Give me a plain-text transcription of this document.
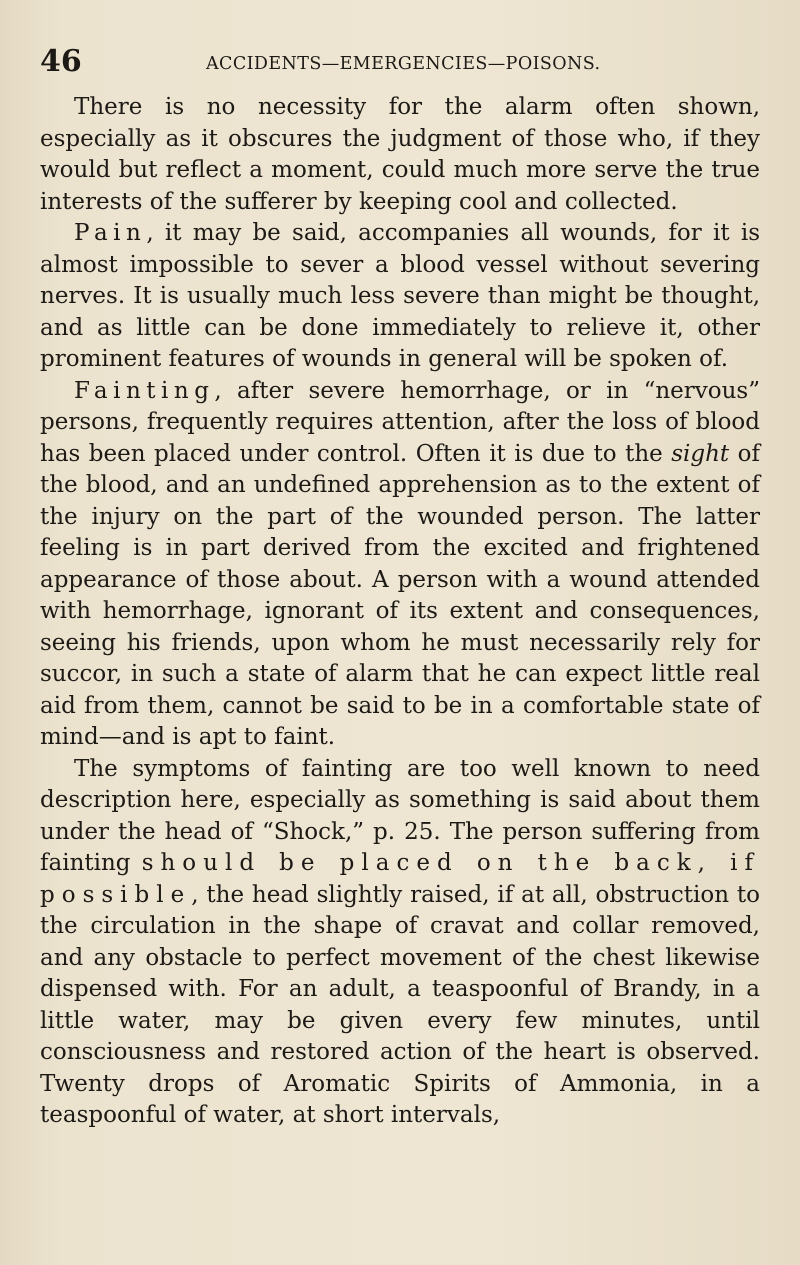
46	ACCIDENTS—EMERGENCIES—POISONS.

There is no necessity for the alarm often shown, especially as it obscures the judgment of those who, if they would but reflect a moment, could much more serve the true interests of the sufferer by keeping cool and collected.

Pain, it may be said, accompanies all wounds, for it is almost impossible to sever a blood vessel without severing nerves. It is usually much less severe than might be thought, and as little can be done immediately to relieve it, other prominent features of wounds in general will be spoken of.

Fainting, after severe hemorrhage, or in “nervous” persons, frequently requires attention, after the loss of blood has been placed under control. Often it is due to the sight of the blood, and an undefined apprehension as to the extent of the injury on the part of the wounded person. The latter feeling is in part derived from the excited and frightened appearance of those about. A person with a wound attended with hemorrhage, ignorant of its extent and consequences, seeing his friends, upon whom he must necessarily rely for succor, in such a state of alarm that he can expect little real aid from them, cannot be said to be in a comfortable state of mind—and is apt to faint.

The symptoms of fainting are too well known to need description here, especially as something is said about them under the head of “Shock,” p. 25. The person suffering from fainting should be placed on the back, if possible, the head slightly raised, if at all, obstruction to the circulation in the shape of cravat and collar removed, and any obstacle to perfect movement of the chest likewise dispensed with. For an adult, a teaspoonful of Brandy, in a little water, may be given every few minutes, until consciousness and restored action of the heart is observed. Twenty drops of Aromatic Spirits of Ammonia, in a teaspoonful of water, at short intervals,
